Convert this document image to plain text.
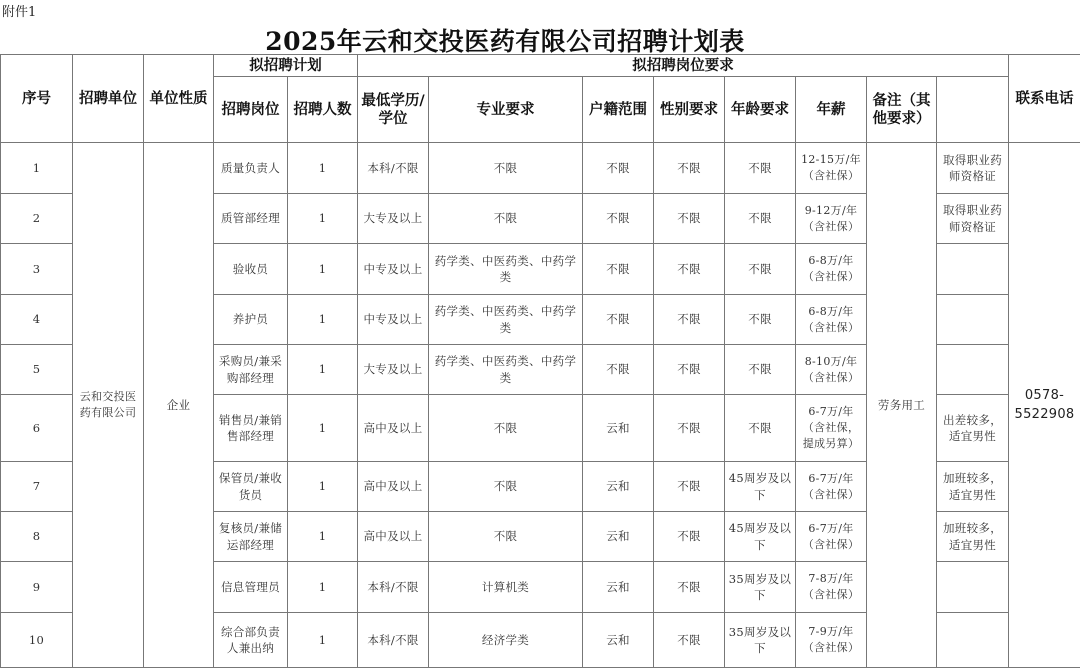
附件1
2025年云和交投医药有限公司招聘计划表
序号	招聘单位	单位性质	拟招聘计划		拟招聘岗位要求								联系电话
			招聘岗位	招聘人数	最低学历/学位	专业要求	户籍范围	性别要求	年龄要求	年薪	备注（其他要求）		
1	云和交投医药有限公司	企业	质量负责人	1	本科/不限	不限	不限	不限	不限	12-15万/年（含社保）	劳务用工	取得职业药师资格证	0578-5522908
2			质管部经理	1	大专及以上	不限	不限	不限	不限	9-12万/年（含社保）		取得职业药师资格证	
3			验收员	1	中专及以上	药学类、中医药类、中药学类	不限	不限	不限	6-8万/年（含社保）			
4			养护员	1	中专及以上	药学类、中医药类、中药学类	不限	不限	不限	6-8万/年（含社保）			
5			采购员/兼采购部经理	1	大专及以上	药学类、中医药类、中药学类	不限	不限	不限	8-10万/年（含社保）			
6			销售员/兼销售部经理	1	高中及以上	不限	云和	不限	不限	6-7万/年（含社保，提成另算）		出差较多，适宜男性	
7			保管员/兼收货员	1	高中及以上	不限	云和	不限	45周岁及以下	6-7万/年（含社保）		加班较多，适宜男性	
8			复核员/兼储运部经理	1	高中及以上	不限	云和	不限	45周岁及以下	6-7万/年（含社保）		加班较多，适宜男性	
9			信息管理员	1	本科/不限	计算机类	云和	不限	35周岁及以下	7-8万/年（含社保）			
10			综合部负责人兼出纳	1	本科/不限	经济学类	云和	不限	35周岁及以下	7-9万/年（含社保）			
